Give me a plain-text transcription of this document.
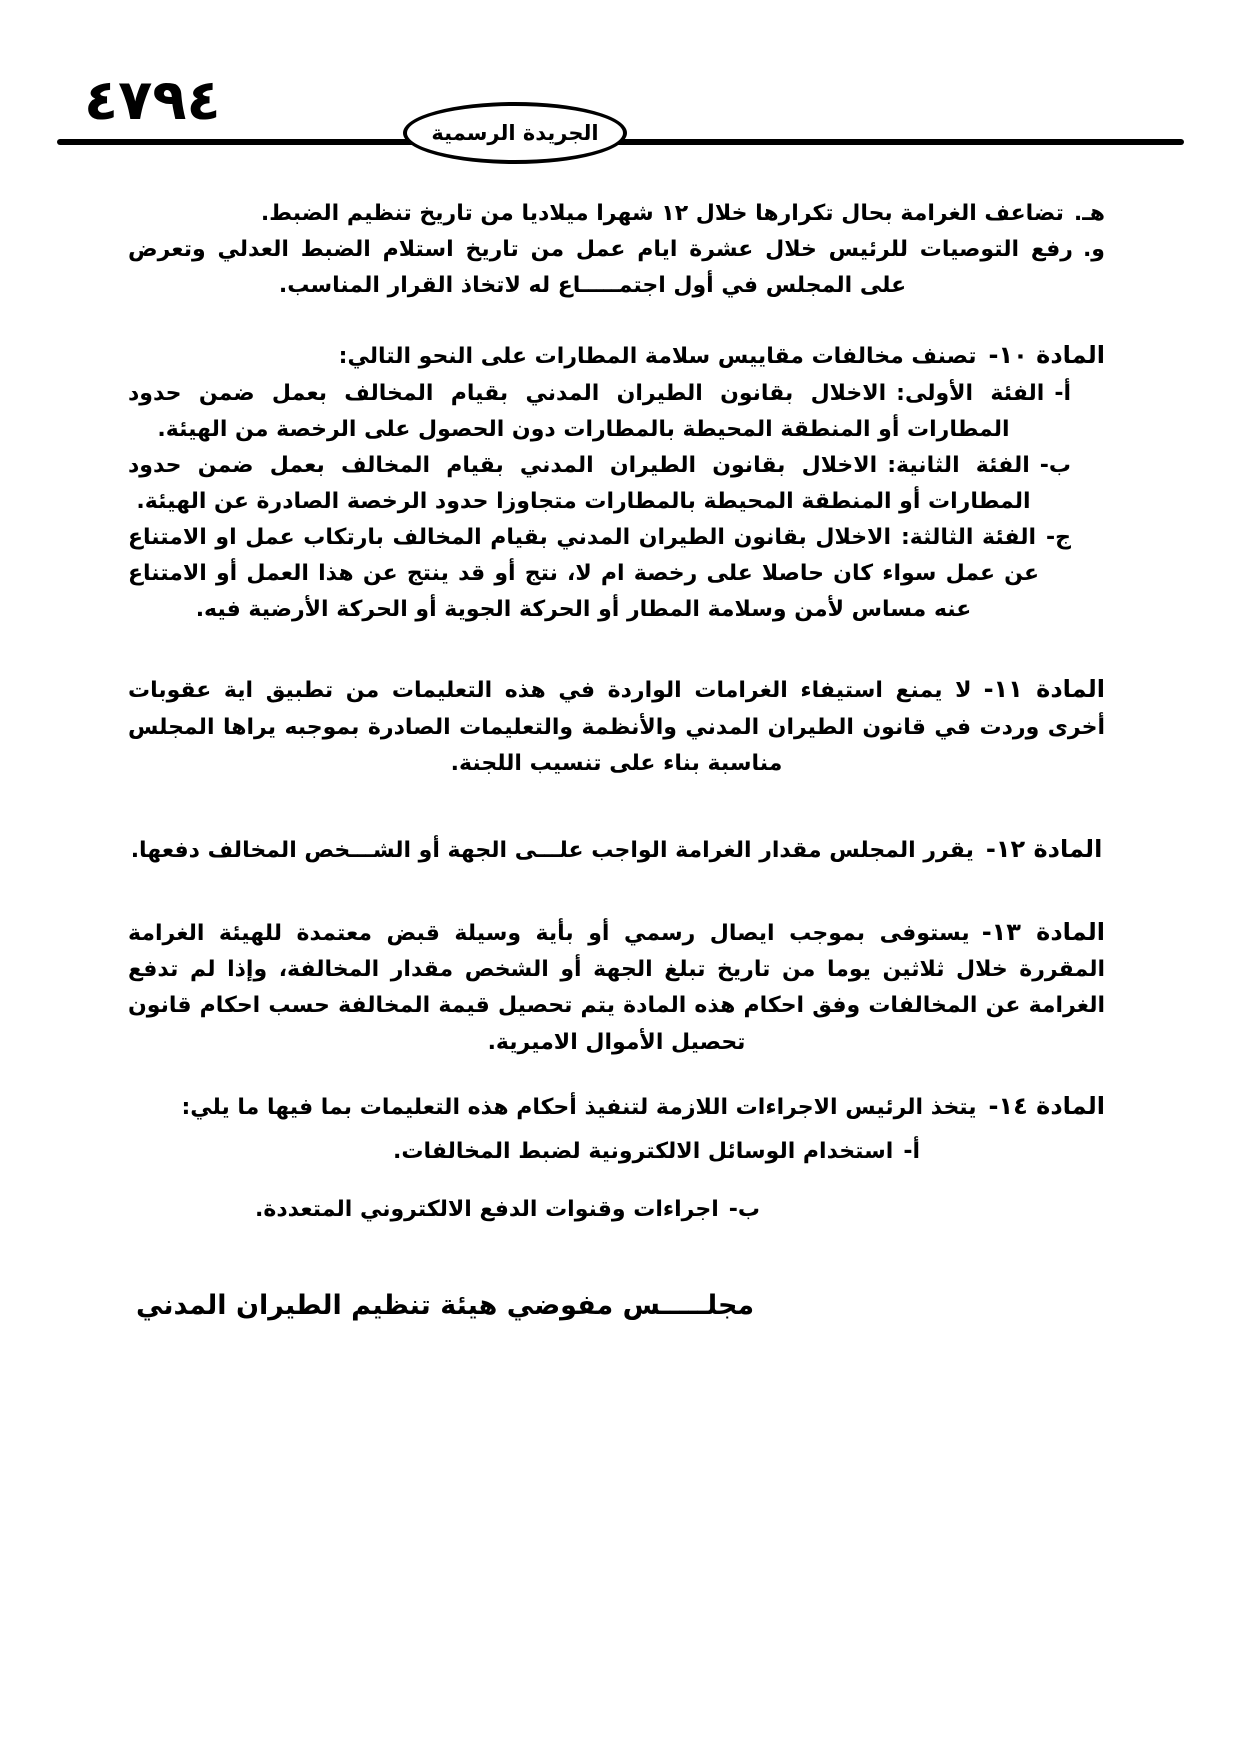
٤٧٩٤	الجريدة الرسمية

هـ.تضاعف الغرامة بحال تكرارها خلال ١٢ شهرا ميلاديا من تاريخ تنظيم الضبط.

و.رفع التوصيات للرئيس خلال عشرة ايام عمل من تاريخ استلام الضبط العدلي وتعرض على المجلس في أول اجتمـــــاع له لاتخاذ القرار المناسب.

المادة ١٠-تصنف مخالفات مقاييس سلامة المطارات على النحو التالي:

أ-الفئة الأولى:الاخلال بقانون الطيران المدني بقيام المخالف بعمل ضمن حدود المطارات أو المنطقة المحيطة بالمطارات دون الحصول على الرخصة من الهيئة.

ب-الفئة الثانية:الاخلال بقانون الطيران المدني بقيام المخالف بعمل ضمن حدود المطارات أو المنطقة المحيطة بالمطارات متجاوزا حدود الرخصة الصادرة عن الهيئة.

ج-الفئة الثالثة:الاخلال بقانون الطيران المدني بقيام المخالف بارتكاب عمل او الامتناع عن عمل سواء كان حاصلا على رخصة ام لا، نتج أو قد ينتج عن هذا العمل أو الامتناع عنه مساس لأمن وسلامة المطار أو الحركة الجوية أو الحركة الأرضية فيه.

المادة ١١-لا يمنع استيفاء الغرامات الواردة في هذه التعليمات من تطبيق اية عقوبات أخرى وردت في قانون الطيران المدني والأنظمة والتعليمات الصادرة بموجبه يراها المجلس مناسبة بناء على تنسيب اللجنة.

المادة ١٢-يقرر المجلس مقدار الغرامة الواجب علـــى الجهة أو الشـــخص المخالف دفعها.

المادة ١٣-يستوفى بموجب ايصال رسمي أو بأية وسيلة قبض معتمدة للهيئة الغرامة المقررة خلال ثلاثين يوما من تاريخ تبلغ الجهة أو الشخص مقدار المخالفة، وإذا لم تدفع الغرامة عن المخالفات وفق احكام هذه المادة يتم تحصيل قيمة المخالفة حسب احكام قانون تحصيل الأموال الاميرية.

المادة ١٤-يتخذ الرئيس الاجراءات اللازمة لتنفيذ أحكام هذه التعليمات بما فيها ما يلي:

أ-استخدام الوسائل الالكترونية لضبط المخالفات.

ب-اجراءات وقنوات الدفع الالكتروني المتعددة.

مجلـــــس مفوضي هيئة تنظيم الطيران المدني
